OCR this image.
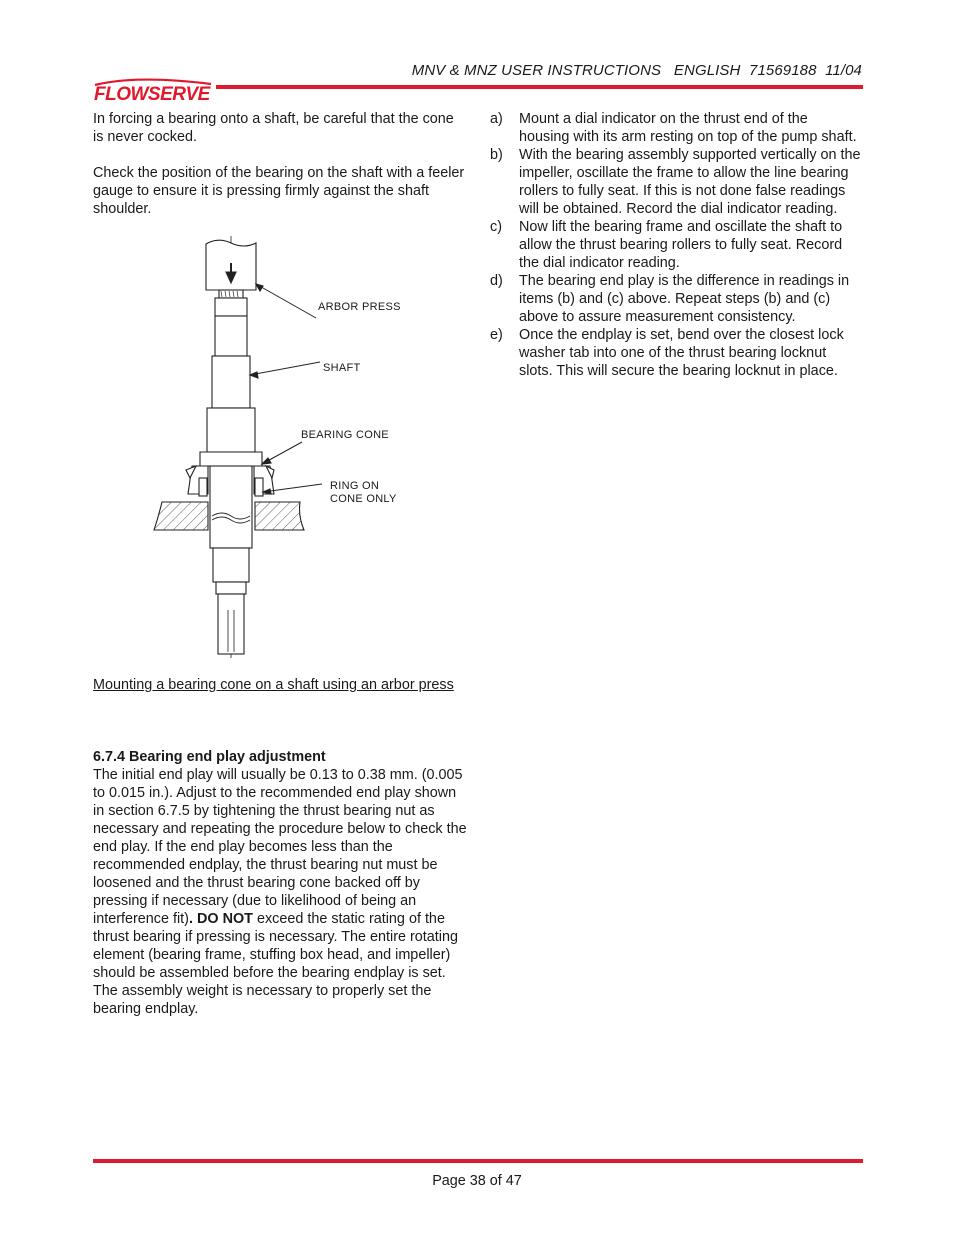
MNV & MNZ USER INSTRUCTIONS   ENGLISH  71569188  11/04
FLOWSERVE

In forcing a bearing onto a shaft, be careful that the cone is never cocked.

Check the position of the bearing on the shaft with a feeler gauge to ensure it is pressing firmly against the shaft shoulder.

ARBOR PRESS
SHAFT
BEARING CONE
RING ON
CONE ONLY
Mounting a bearing cone on a shaft using an arbor press
6.7.4 Bearing end play adjustment
The initial end play will usually be 0.13 to 0.38 mm. (0.005 to 0.015 in.). Adjust to the recommended end play shown in section 6.7.5 by tightening the thrust bearing nut as necessary and repeating the procedure below to check the end play. If the end play becomes less than the recommended endplay, the thrust bearing nut must be loosened and the thrust bearing cone backed off by pressing if necessary (due to likelihood of being an interference fit). DO NOT exceed the static rating of the thrust bearing if pressing is necessary. The entire rotating element (bearing frame, stuffing box head, and impeller) should be assembled before the bearing endplay is set. The assembly weight is necessary to properly set the bearing endplay.
a) Mount a dial indicator on the thrust end of the housing with its arm resting on top of the pump shaft.
b) With the bearing assembly supported vertically on the impeller, oscillate the frame to allow the line bearing rollers to fully seat. If this is not done false readings will be obtained. Record the dial indicator reading.
c) Now lift the bearing frame and oscillate the shaft to allow the thrust bearing rollers to fully seat. Record the dial indicator reading.
d) The bearing end play is the difference in readings in items (b) and (c) above. Repeat steps (b) and (c) above to assure measurement consistency.
e) Once the endplay is set, bend over the closest lock washer tab into one of the thrust bearing locknut slots. This will secure the bearing locknut in place.
Page 38 of 47
